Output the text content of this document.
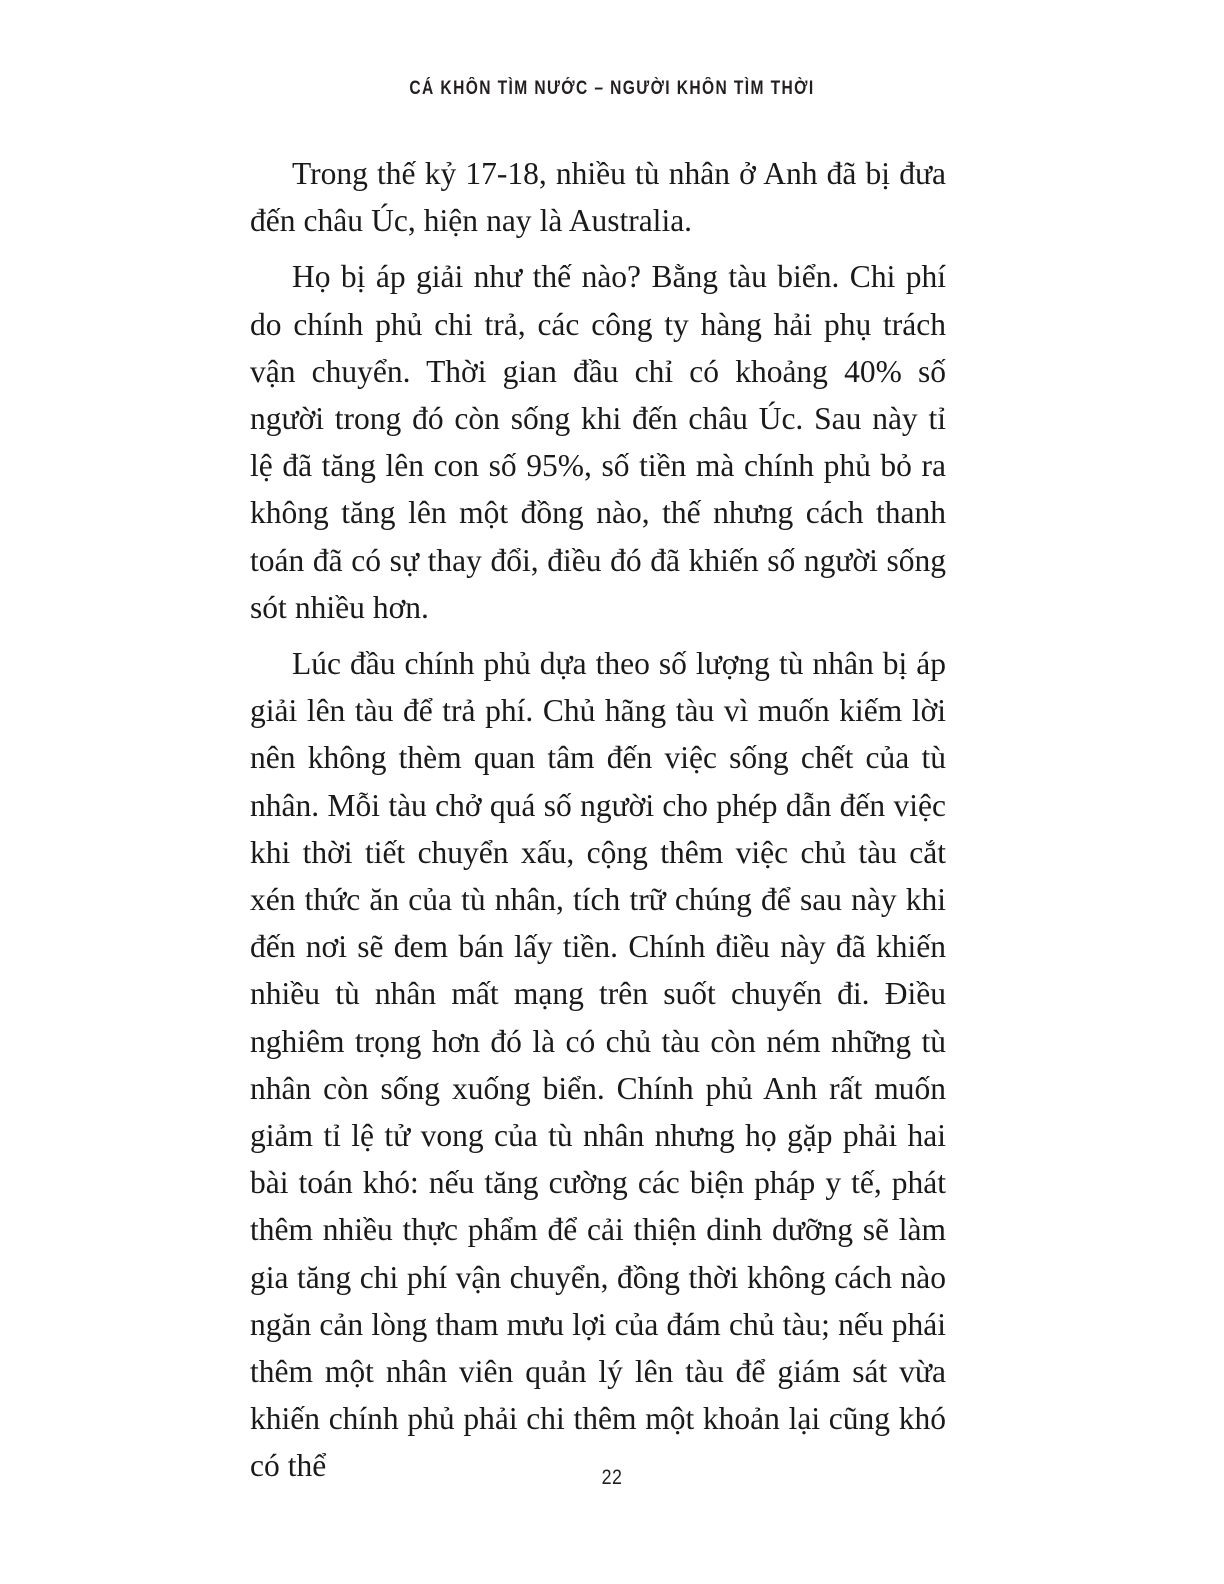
CÁ KHÔN TÌM NƯỚC – NGƯỜI KHÔN TÌM THỜI

Trong thế kỷ 17-18, nhiều tù nhân ở Anh đã bị đưa đến châu Úc, hiện nay là Australia.

Họ bị áp giải như thế nào? Bằng tàu biển. Chi phí do chính phủ chi trả, các công ty hàng hải phụ trách vận chuyển. Thời gian đầu chỉ có khoảng 40% số người trong đó còn sống khi đến châu Úc. Sau này tỉ lệ đã tăng lên con số 95%, số tiền mà chính phủ bỏ ra không tăng lên một đồng nào, thế nhưng cách thanh toán đã có sự thay đổi, điều đó đã khiến số người sống sót nhiều hơn.

Lúc đầu chính phủ dựa theo số lượng tù nhân bị áp giải lên tàu để trả phí. Chủ hãng tàu vì muốn kiếm lời nên không thèm quan tâm đến việc sống chết của tù nhân. Mỗi tàu chở quá số người cho phép dẫn đến việc khi thời tiết chuyển xấu, cộng thêm việc chủ tàu cắt xén thức ăn của tù nhân, tích trữ chúng để sau này khi đến nơi sẽ đem bán lấy tiền. Chính điều này đã khiến nhiều tù nhân mất mạng trên suốt chuyến đi. Điều nghiêm trọng hơn đó là có chủ tàu còn ném những tù nhân còn sống xuống biển. Chính phủ Anh rất muốn giảm tỉ lệ tử vong của tù nhân nhưng họ gặp phải hai bài toán khó: nếu tăng cường các biện pháp y tế, phát thêm nhiều thực phẩm để cải thiện dinh dưỡng sẽ làm gia tăng chi phí vận chuyển, đồng thời không cách nào ngăn cản lòng tham mưu lợi của đám chủ tàu; nếu phái thêm một nhân viên quản lý lên tàu để giám sát vừa khiến chính phủ phải chi thêm một khoản lại cũng khó có thể	22
